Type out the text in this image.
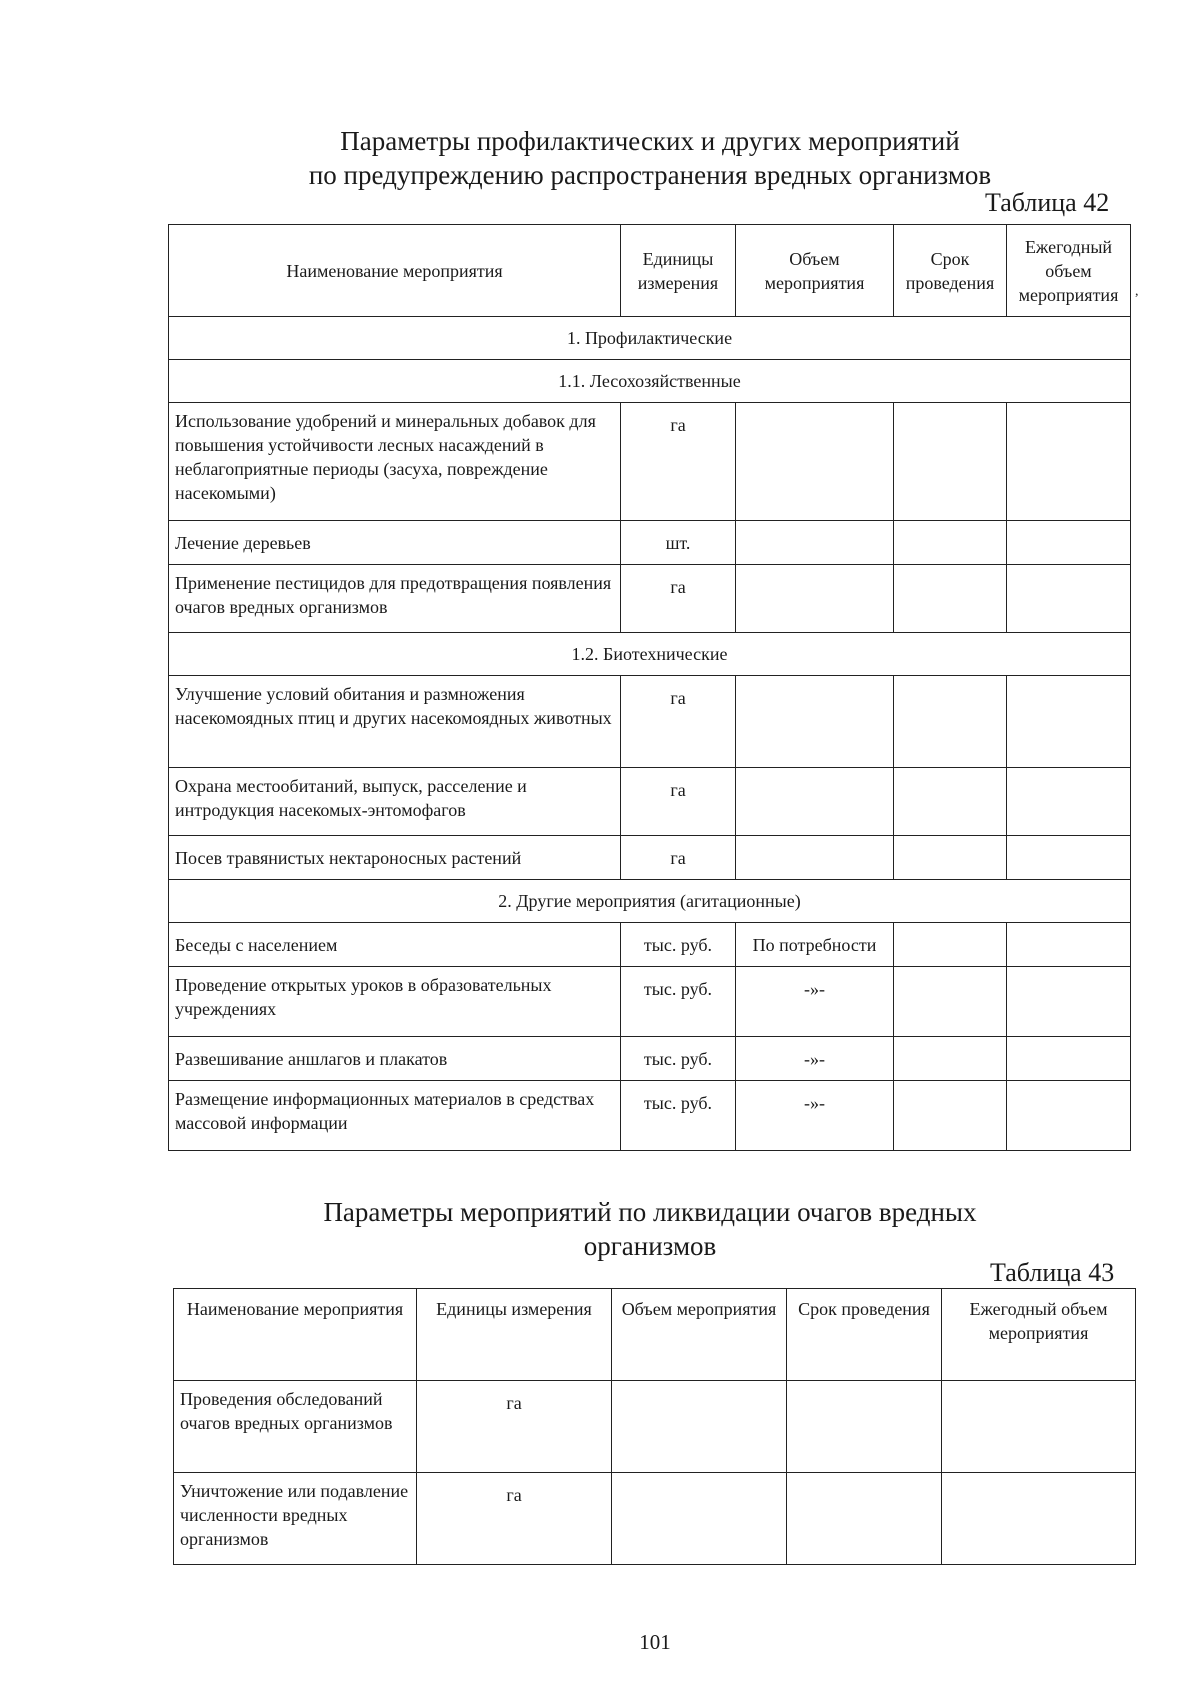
Параметры профилактических и других мероприятий
по предупреждению распространения вредных организмов
Таблица 42
,
Наименование мероприятия	Единицы измерения	Объем мероприятия	Срок проведения	Ежегодный объем мероприятия
1. Профилактические				
1.1. Лесохозяйственные				
Использование удобрений и минеральных добавок для повышения устойчивости лесных насаждений в неблагоприятные периоды (засуха, повреждение насекомыми)	га			
Лечение деревьев	шт.			
Применение пестицидов для предотвращения появления очагов вредных организмов	га			
1.2. Биотехнические				
Улучшение условий обитания и размножения насекомоядных птиц и других насекомоядных животных	га			
Охрана местообитаний, выпуск, расселение и интродукция насекомых-энтомофагов	га			
Посев травянистых нектароносных растений	га			
2. Другие мероприятия (агитационные)				
Беседы с населением	тыс. руб.	По потребности		
Проведение открытых уроков в образовательных учреждениях	тыс. руб.	-»-		
Развешивание аншлагов и плакатов	тыс. руб.	-»-		
Размещение информационных материалов в средствах массовой информации	тыс. руб.	-»-		
Параметры мероприятий по ликвидации очагов вредных
организмов
Таблица 43
Наименование мероприятия	Единицы измерения	Объем мероприятия	Срок проведения	Ежегодный объем мероприятия
Проведения обследований очагов вредных организмов	га			
Уничтожение или подавление численности вредных организмов	га			
101
